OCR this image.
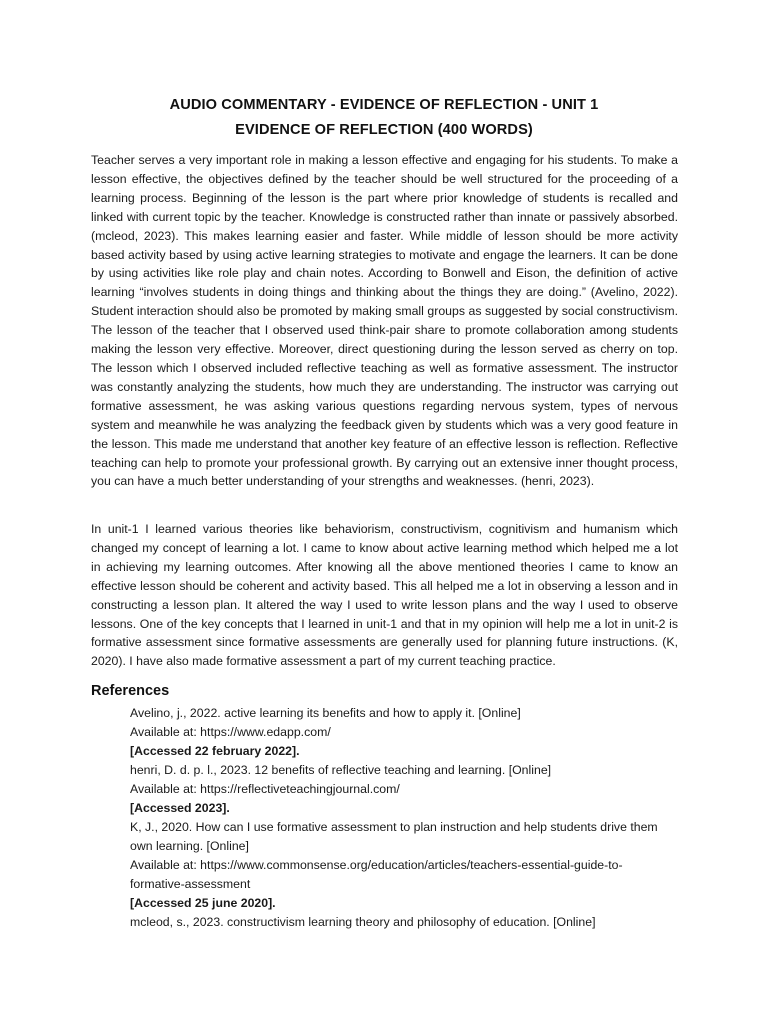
AUDIO COMMENTARY - EVIDENCE OF REFLECTION - UNIT 1
EVIDENCE OF REFLECTION (400 WORDS)

Teacher serves a very important role in making a lesson effective and engaging for his students. To make a lesson effective, the objectives defined by the teacher should be well structured for the proceeding of a learning process. Beginning of the lesson is the part where prior knowledge of students is recalled and linked with current topic by the teacher. Knowledge is constructed rather than innate or passively absorbed. (mcleod, 2023). This makes learning easier and faster. While middle of lesson should be more activity based activity based by using active learning strategies to motivate and engage the learners. It can be done by using activities like role play and chain notes. According to Bonwell and Eison, the definition of active learning “involves students in doing things and thinking about the things they are doing.” (Avelino, 2022). Student interaction should also be promoted by making small groups as suggested by social constructivism. The lesson of the teacher that I observed used think-pair share to promote collaboration among students making the lesson very effective. Moreover, direct questioning during the lesson served as cherry on top. The lesson which I observed included reflective teaching as well as formative assessment. The instructor was constantly analyzing the students, how much they are understanding. The instructor was carrying out formative assessment, he was asking various questions regarding nervous system, types of nervous system and meanwhile he was analyzing the feedback given by students which was a very good feature in the lesson. This made me understand that another key feature of an effective lesson is reflection. Reflective teaching can help to promote your professional growth. By carrying out an extensive inner thought process, you can have a much better understanding of your strengths and weaknesses. (henri, 2023).

In unit-1 I learned various theories like behaviorism, constructivism, cognitivism and humanism which changed my concept of learning a lot. I came to know about active learning method which helped me a lot in achieving my learning outcomes. After knowing all the above mentioned theories I came to know an effective lesson should be coherent and activity based. This all helped me a lot in observing a lesson and in constructing a lesson plan. It altered the way I used to write lesson plans and the way I used to observe lessons. One of the key concepts that I learned in unit-1 and that in my opinion will help me a lot in unit-2 is formative assessment since formative assessments are generally used for planning future instructions. (K, 2020). I have also made formative assessment a part of my current teaching practice.

References
Avelino, j., 2022. active learning its benefits and how to apply it. [Online]
Available at: https://www.edapp.com/
[Accessed 22 february 2022].
henri, D. d. p. l., 2023. 12 benefits of reflective teaching and learning. [Online]
Available at: https://reflectiveteachingjournal.com/
[Accessed 2023].
K, J., 2020. How can I use formative assessment to plan instruction and help students drive them
own learning. [Online]
Available at: https://www.commonsense.org/education/articles/teachers-essential-guide-to-
formative-assessment
[Accessed 25 june 2020].
mcleod, s., 2023. constructivism learning theory and philosophy of education. [Online]
